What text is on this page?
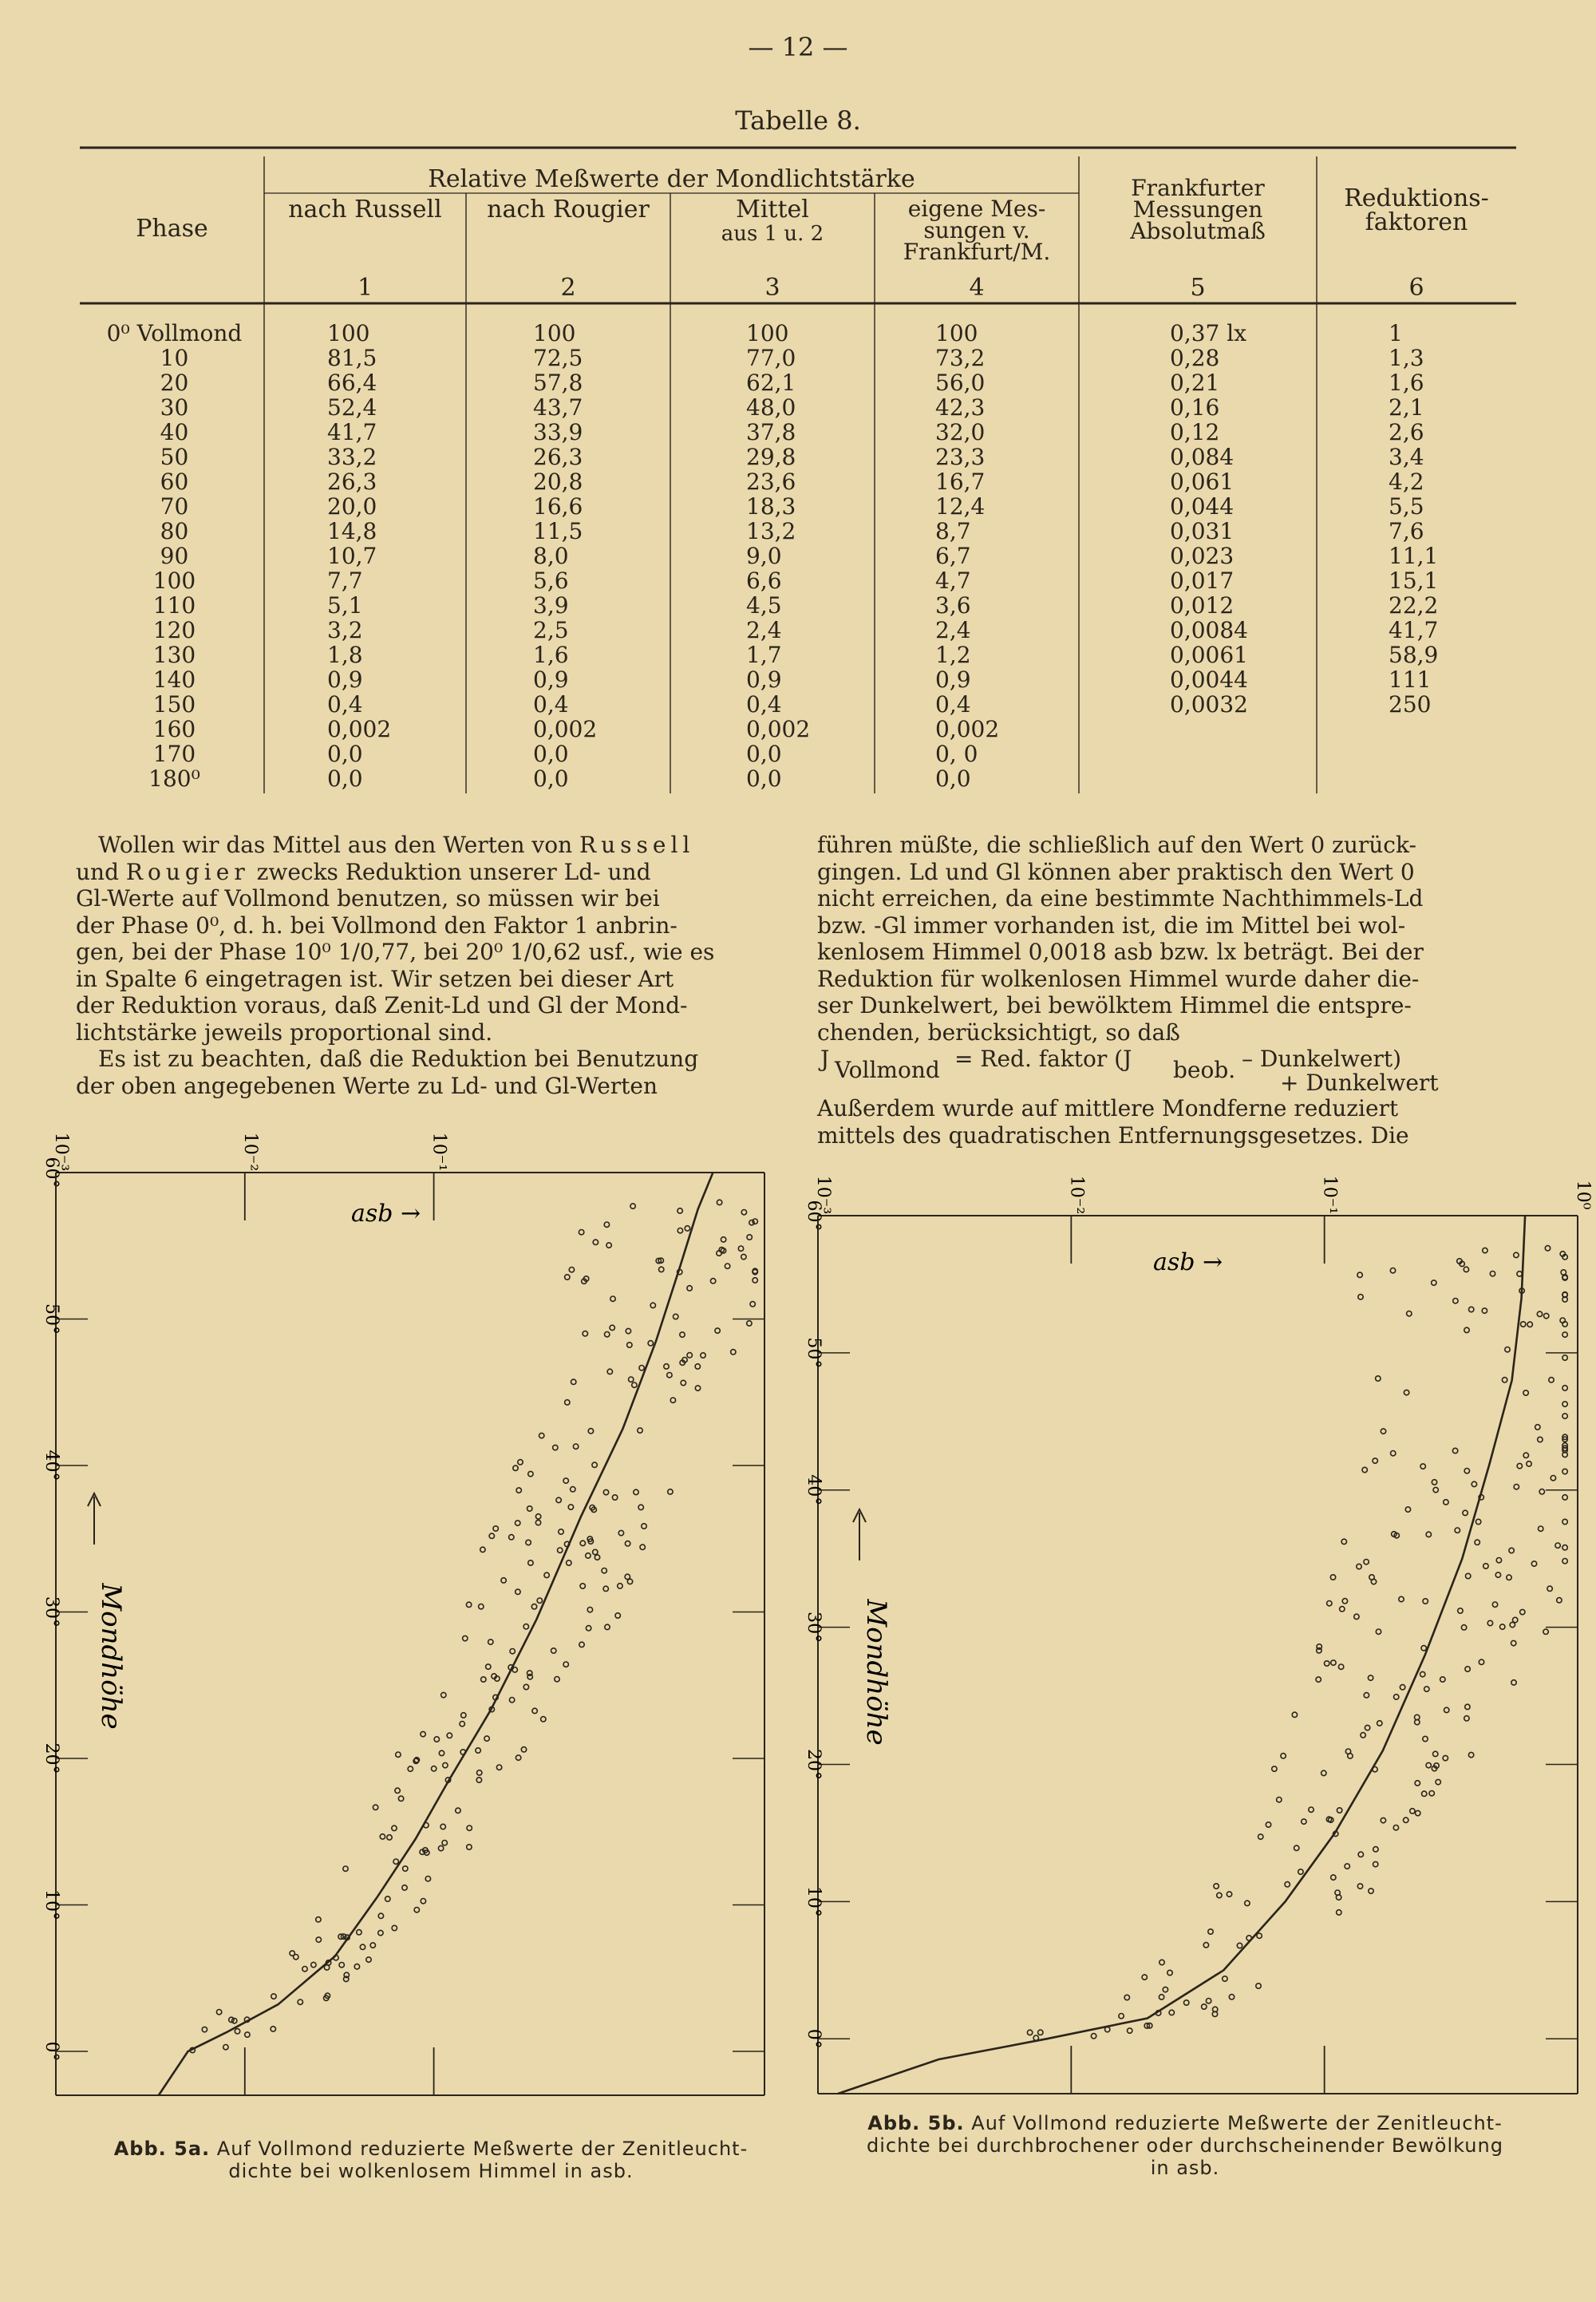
— 12 —
Tabelle 8.
Phase
Relative Meßwerte der Mondlichtstärke
nach Russell	nach Rougier	Mittel
aus 1 u. 2
eigene Mes-
sungen v.
Frankfurt/M.
Frankfurter
Messungen
Absolutmaß
Reduktions-
faktoren
1	2	3	4	5	6
0⁰ Vollmond	100	100	100	100	0,37 lx	1
10	81,5	72,5	77,0	73,2	0,28	1,3
20	66,4	57,8	62,1	56,0	0,21	1,6
30	52,4	43,7	48,0	42,3	0,16	2,1
40	41,7	33,9	37,8	32,0	0,12	2,6
50	33,2	26,3	29,8	23,3	0,084	3,4
60	26,3	20,8	23,6	16,7	0,061	4,2
70	20,0	16,6	18,3	12,4	0,044	5,5
80	14,8	11,5	13,2	8,7	0,031	7,6
90	10,7	8,0	9,0	6,7	0,023	11,1
100	7,7	5,6	6,6	4,7	0,017	15,1
110	5,1	3,9	4,5	3,6	0,012	22,2
120	3,2	2,5	2,4	2,4	0,0084	41,7
130	1,8	1,6	1,7	1,2	0,0061	58,9
140	0,9	0,9	0,9	0,9	0,0044	111
150	0,4	0,4	0,4	0,4	0,0032	250
160	0,002	0,002	0,002	0,002
170	0,0	0,0	0,0	0, 0
180⁰	0,0	0,0	0,0	0,0
Wollen wir das Mittel aus den Werten von Russell
und Rougier zwecks Reduktion unserer Ld- und
Gl-Werte auf Vollmond benutzen, so müssen wir bei
der Phase 0⁰, d. h. bei Vollmond den Faktor 1 anbrin-
gen, bei der Phase 10⁰ 1/0,77, bei 20⁰ 1/0,62 usf., wie es
in Spalte 6 eingetragen ist. Wir setzen bei dieser Art
der Reduktion voraus, daß Zenit-Ld und Gl der Mond-
lichtstärke jeweils proportional sind.
Es ist zu beachten, daß die Reduktion bei Benutzung
der oben angegebenen Werte zu Ld- und Gl-Werten
führen müßte, die schließlich auf den Wert 0 zurück-
gingen. Ld und Gl können aber praktisch den Wert 0
nicht erreichen, da eine bestimmte Nachthimmels-Ld
bzw. -Gl immer vorhanden ist, die im Mittel bei wol-
kenlosem Himmel 0,0018 asb bzw. lx beträgt. Bei der
Reduktion für wolkenlosen Himmel wurde daher die-
ser Dunkelwert, bei bewölktem Himmel die entspre-
chenden, berücksichtigt, so daß
J Vollmond = Red. faktor (J beob. – Dunkelwert)
+ Dunkelwert
Außerdem wurde auf mittlere Mondferne reduziert
mittels des quadratischen Entfernungsgesetzes. Die
0°
10°
20°
30°
40°
50°
60°
10⁻³	10⁻²	10⁻¹
asb →
Mondhöhe
0°
10°
20°
30°
40°
50°
60°
10⁻³	10⁻²	10⁻¹	10⁰
asb →
Mondhöhe
Abb. 5a. Auf Vollmond reduzierte Meßwerte der Zenitleucht-
dichte bei wolkenlosem Himmel in asb.
Abb. 5b. Auf Vollmond reduzierte Meßwerte der Zenitleucht-
dichte bei durchbrochener oder durchscheinender Bewölkung
in asb.
